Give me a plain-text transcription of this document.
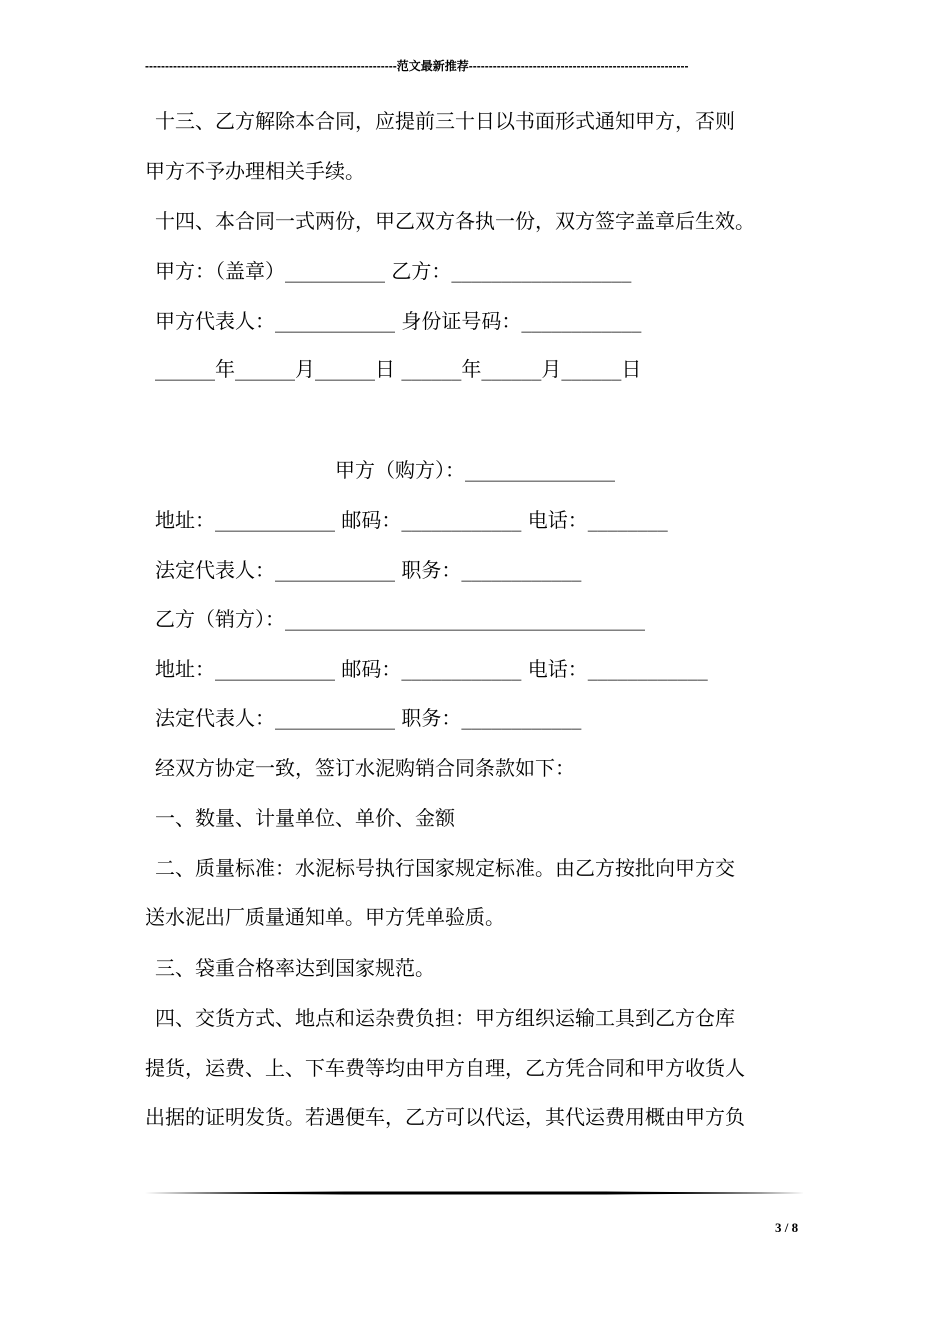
---------------------------------------------------------------范文最新推荐-------------------------------------------------------
十三、乙方解除本合同，应提前三十日以书面形式通知甲方，否则
甲方不予办理相关手续。
十四、本合同一式两份，甲乙双方各执一份，双方签字盖章后生效。
甲方：（盖章）__________ 乙方：__________________
甲方代表人：____________ 身份证号码：____________
______年______月______日 ______年______月______日
甲方（购方）：_______________
地址：____________ 邮码：____________ 电话：________
法定代表人：____________ 职务：____________
乙方（销方）：____________________________________
地址：____________ 邮码：____________ 电话：____________
法定代表人：____________ 职务：____________
经双方协定一致，签订水泥购销合同条款如下：
一、数量、计量单位、单价、金额
二、质量标准：水泥标号执行国家规定标准。由乙方按批向甲方交
送水泥出厂质量通知单。甲方凭单验质。
三、袋重合格率达到国家规范。
四、交货方式、地点和运杂费负担：甲方组织运输工具到乙方仓库
提货，运费、上、下车费等均由甲方自理，乙方凭合同和甲方收货人
出据的证明发货。若遇便车，乙方可以代运，其代运费用概由甲方负
3 / 8
